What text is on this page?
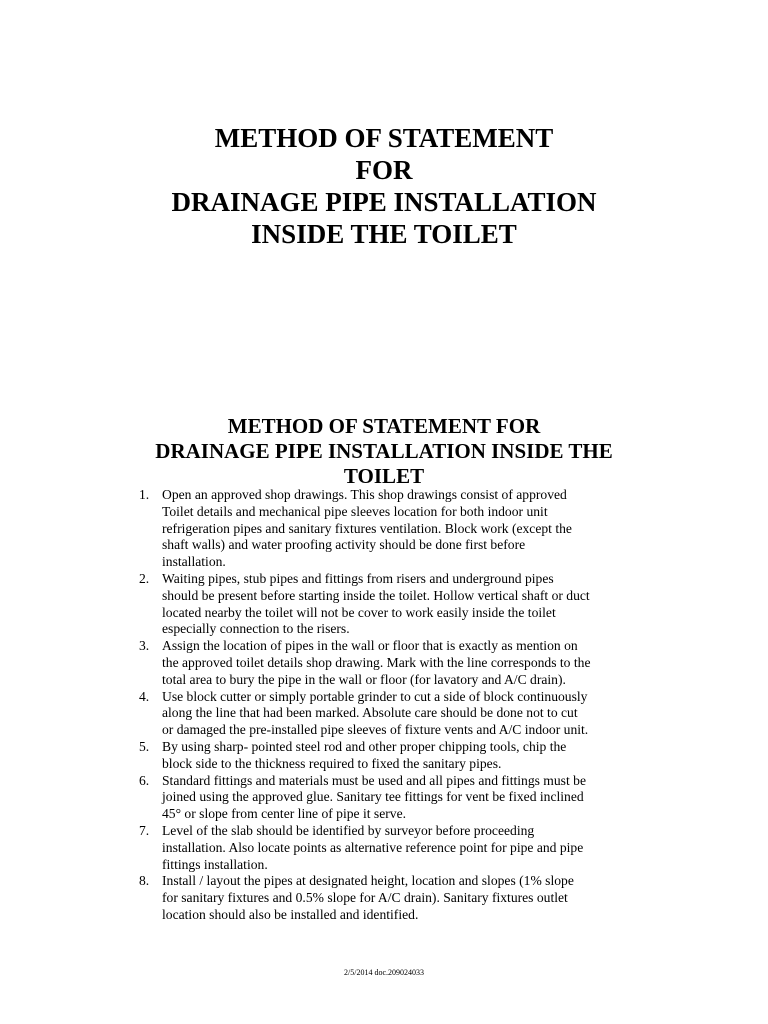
METHOD OF STATEMENT
FOR
DRAINAGE PIPE INSTALLATION
INSIDE THE TOILET
METHOD OF STATEMENT FOR
DRAINAGE PIPE INSTALLATION INSIDE THE
TOILET
1. Open an approved shop drawings. This shop drawings consist of approved
Toilet details and mechanical pipe sleeves location for both indoor unit
refrigeration pipes and sanitary fixtures ventilation. Block work (except the
shaft walls) and water proofing activity should be done first before
installation.
2. Waiting pipes, stub pipes and fittings from risers and underground pipes
should be present before starting inside the toilet. Hollow vertical shaft or duct
located nearby the toilet will not be cover to work easily inside the toilet
especially connection to the risers.
3. Assign the location of pipes in the wall or floor that is exactly as mention on
the approved toilet details shop drawing. Mark with the line corresponds to the
total area to bury the pipe in the wall or floor (for lavatory and A/C drain).
4. Use block cutter or simply portable grinder to cut a side of block continuously
along the line that had been marked. Absolute care should be done not to cut
or damaged the pre-installed pipe sleeves of fixture vents and A/C indoor unit.
5. By using sharp- pointed steel rod and other proper chipping tools, chip the
block side to the thickness required to fixed the sanitary pipes.
6. Standard fittings and materials must be used and all pipes and fittings must be
joined using the approved glue. Sanitary tee fittings for vent be fixed inclined
45° or slope from center line of pipe it serve.
7. Level of the slab should be identified by surveyor before proceeding
installation. Also locate points as alternative reference point for pipe and pipe
fittings installation.
8. Install / layout the pipes at designated height, location and slopes (1% slope
for sanitary fixtures and 0.5% slope for A/C drain). Sanitary fixtures outlet
location should also be installed and identified.
2/5/2014 doc.209024033
